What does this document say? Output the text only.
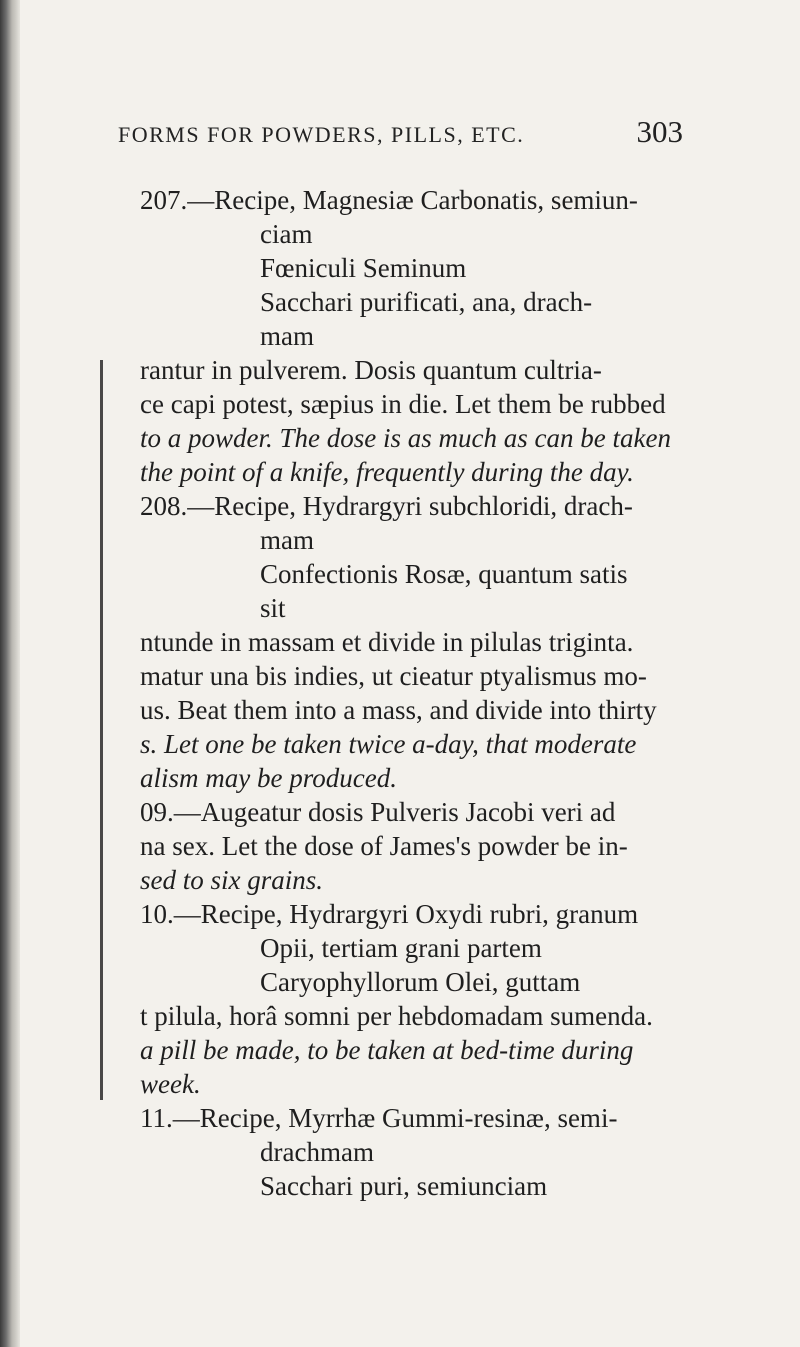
FORMS FOR POWDERS, PILLS, ETC.	303
207.—Recipe, Magnesiæ Carbonatis, semiun-
ciam
Fœniculi Seminum
Sacchari purificati, ana, drach-
mam
rantur in pulverem. Dosis quantum cultria-
ce capi potest, sæpius in die. Let them be rubbed
to a powder. The dose is as much as can be taken
the point of a knife, frequently during the day.
208.—Recipe, Hydrargyri subchloridi, drach-
mam
Confectionis Rosæ, quantum satis
sit
ntunde in massam et divide in pilulas triginta.
matur una bis indies, ut cieatur ptyalismus mo-
us. Beat them into a mass, and divide into thirty
s. Let one be taken twice a-day, that moderate
alism may be produced.
09.—Augeatur dosis Pulveris Jacobi veri ad
na sex. Let the dose of James's powder be in-
sed to six grains.
10.—Recipe, Hydrargyri Oxydi rubri, granum
Opii, tertiam grani partem
Caryophyllorum Olei, guttam
t pilula, horâ somni per hebdomadam sumenda.
a pill be made, to be taken at bed-time during
week.
11.—Recipe, Myrrhæ Gummi-resinæ, semi-
drachmam
Sacchari puri, semiunciam
